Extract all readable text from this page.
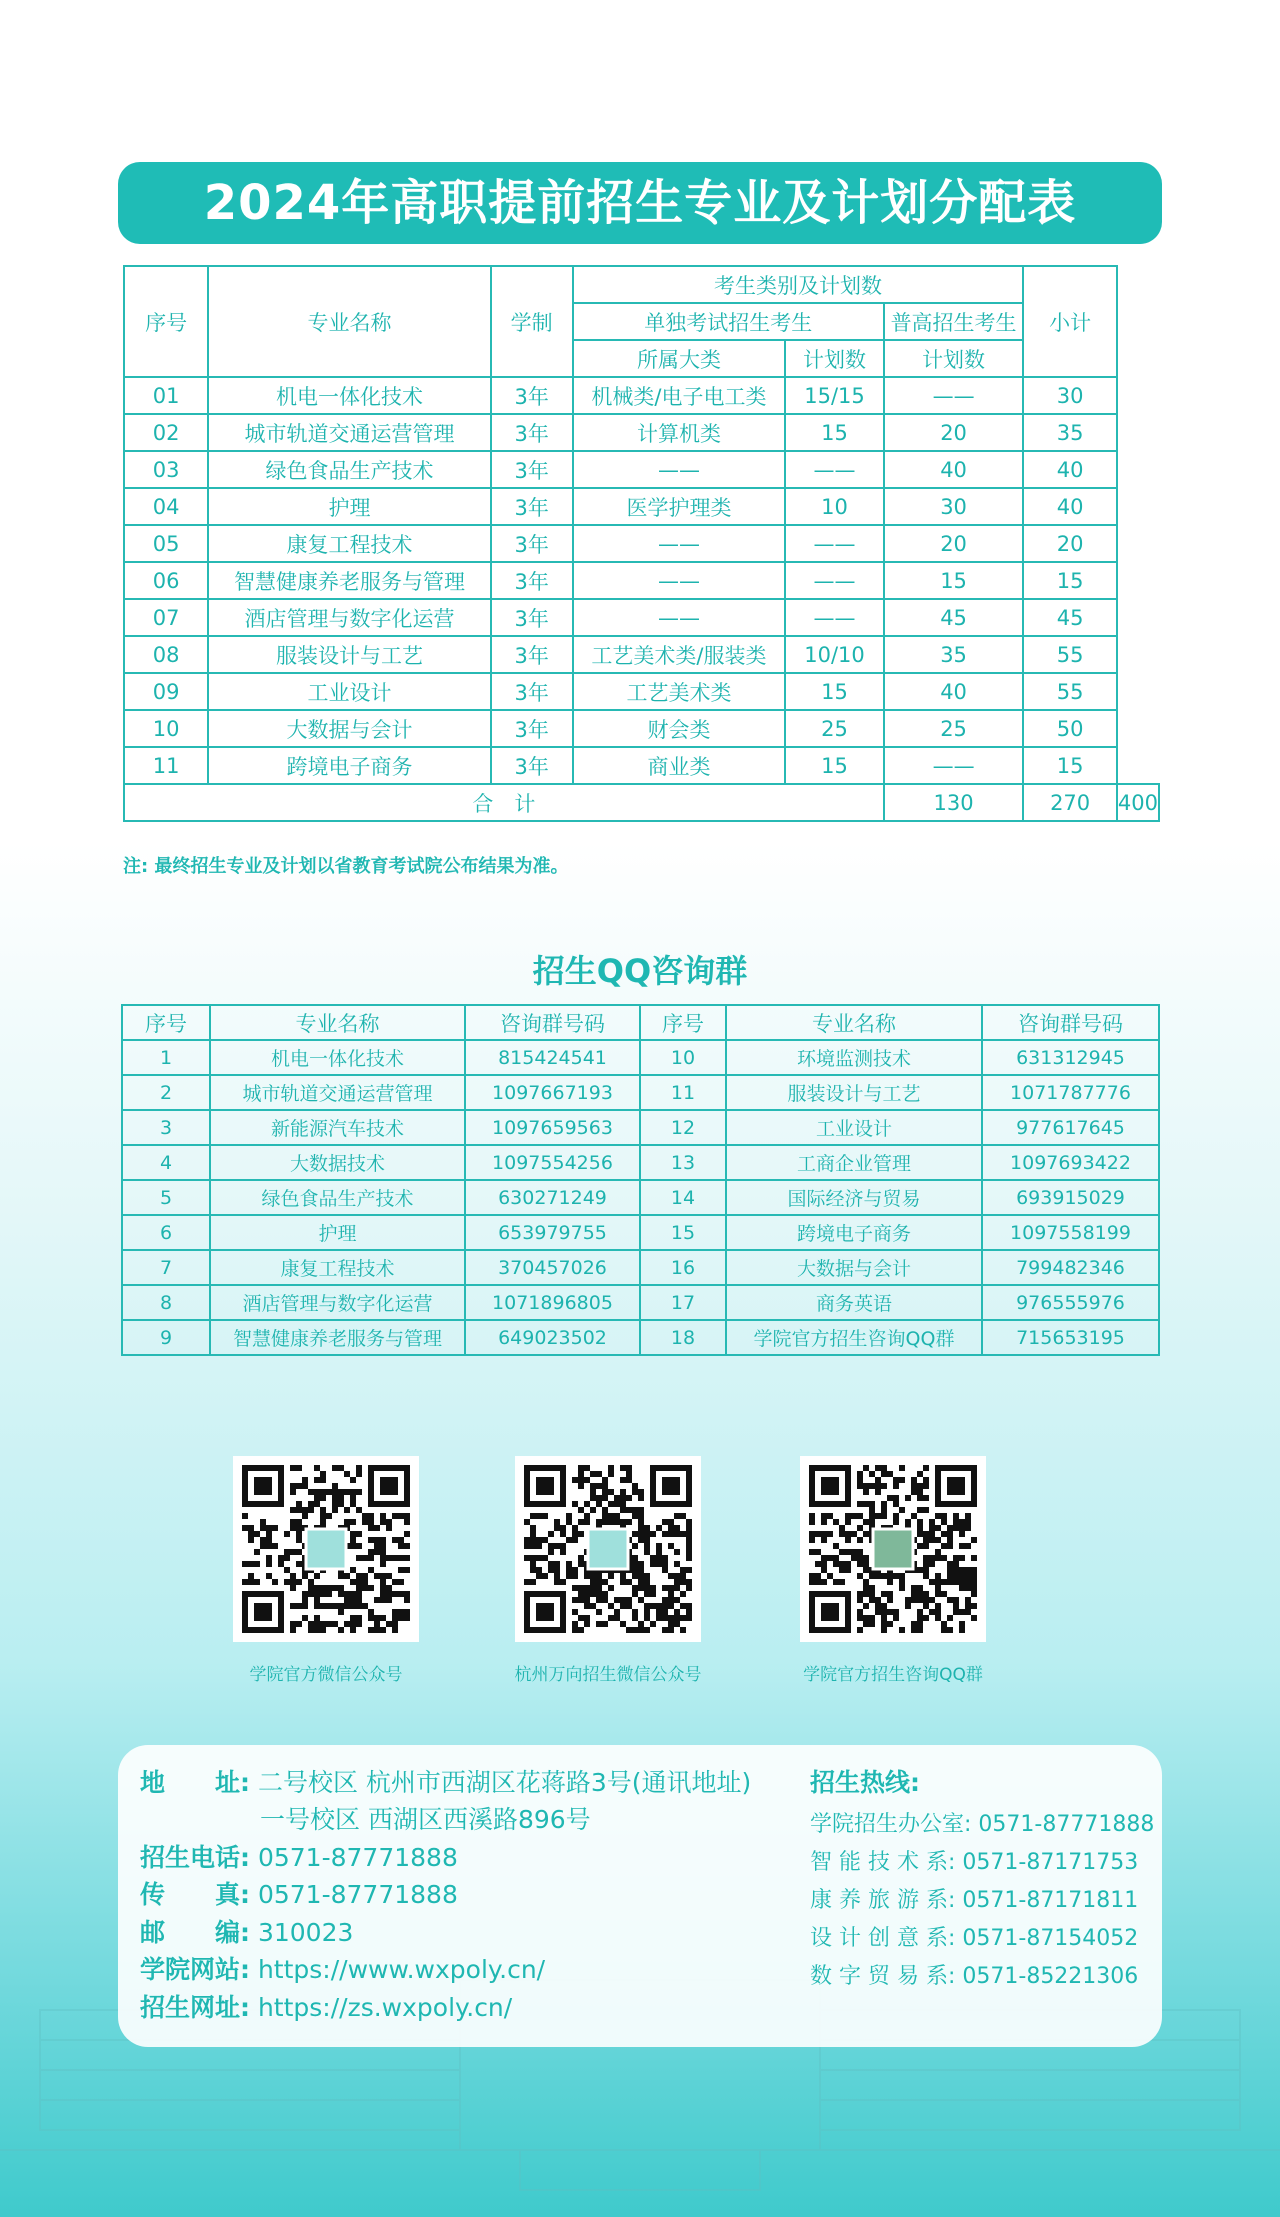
2024年高职提前招生专业及计划分配表
序号	专业名称	学制	考生类别及计划数			小计	
			单独考试招生考生		普高招生考生		
			所属大类	计划数	计划数		
01	机电一体化技术	3年	机械类/电子电工类	15/15	——	30	
02	城市轨道交通运营管理	3年	计算机类	15	20	35	
03	绿色食品生产技术	3年	——	——	40	40	
04	护理	3年	医学护理类	10	30	40	
05	康复工程技术	3年	——	——	20	20	
06	智慧健康养老服务与管理	3年	——	——	15	15	
07	酒店管理与数字化运营	3年	——	——	45	45	
08	服装设计与工艺	3年	工艺美术类/服装类	10/10	35	55	
09	工业设计	3年	工艺美术类	15	40	55	
10	大数据与会计	3年	财会类	25	25	50	
11	跨境电子商务	3年	商业类	15	——	15	
合　计					130	270	400
注: 最终招生专业及计划以省教育考试院公布结果为准。
招生QQ咨询群
序号	专业名称	咨询群号码	序号	专业名称	咨询群号码
1	机电一体化技术	815424541	10	环境监测技术	631312945
2	城市轨道交通运营管理	1097667193	11	服装设计与工艺	1071787776
3	新能源汽车技术	1097659563	12	工业设计	977617645
4	大数据技术	1097554256	13	工商企业管理	1097693422
5	绿色食品生产技术	630271249	14	国际经济与贸易	693915029
6	护理	653979755	15	跨境电子商务	1097558199
7	康复工程技术	370457026	16	大数据与会计	799482346
8	酒店管理与数字化运营	1071896805	17	商务英语	976555976
9	智慧健康养老服务与管理	649023502	18	学院官方招生咨询QQ群	715653195
学院官方微信公众号	杭州万向招生微信公众号	学院官方招生咨询QQ群
地　　址: 二号校区 杭州市西湖区花蒋路3号(通讯地址)
一号校区 西湖区西溪路896号
招生电话: 0571-87771888
传　　真: 0571-87771888
邮　　编: 310023
学院网站: https://www.wxpoly.cn/
招生网址: https://zs.wxpoly.cn/
招生热线:
学院招生办公室: 0571-87771888
智 能 技 术 系: 0571-87171753
康 养 旅 游 系: 0571-87171811
设 计 创 意 系: 0571-87154052
数 字 贸 易 系: 0571-85221306
